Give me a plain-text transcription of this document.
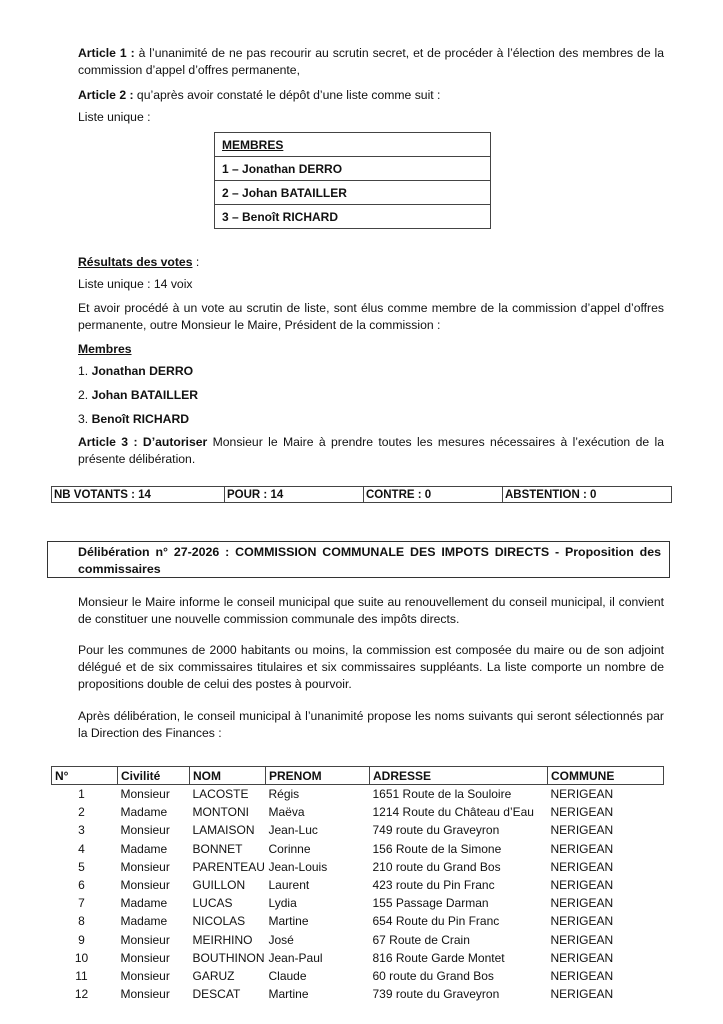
Article 1 : à l’unanimité de ne pas recourir au scrutin secret, et de procéder à l’élection des membres de la commission d’appel d’offres permanente,

Article 2 : qu’après avoir constaté le dépôt d’une liste comme suit :

Liste unique :

MEMBRES
1 – Jonathan DERRO
2 – Johan BATAILLER
3 – Benoît RICHARD

Résultats des votes :

Liste unique : 14 voix

Et avoir procédé à un vote au scrutin de liste, sont élus comme membre de la commission d’appel d’offres permanente, outre Monsieur le Maire, Président de la commission :

Membres

1. Jonathan DERRO

2. Johan BATAILLER

3. Benoît RICHARD

Article 3 : D’autoriser Monsieur le Maire à prendre toutes les mesures nécessaires à l’exécution de la présente délibération.

NB VOTANTS : 14	POUR : 14	CONTRE : 0	ABSTENTION : 0
Délibération n° 27-2026 : COMMISSION COMMUNALE DES IMPOTS DIRECTS - Proposition des
commissaires

Monsieur le Maire informe le conseil municipal que suite au renouvellement du conseil municipal, il convient de constituer une nouvelle commission communale des impôts directs.

Pour les communes de 2000 habitants ou moins, la commission est composée du maire ou de son adjoint délégué et de six commissaires titulaires et six commissaires suppléants. La liste comporte un nombre de propositions double de celui des postes à pourvoir.

Après délibération, le conseil municipal à l’unanimité propose les noms suivants qui seront sélectionnés par la Direction des Finances :

N°	Civilité	NOM	PRENOM	ADRESSE	COMMUNE
1	Monsieur	LACOSTE	Régis	1651 Route de la Souloire	NERIGEAN
2	Madame	MONTONI	Maëva	1214 Route du Château d’Eau	NERIGEAN
3	Monsieur	LAMAISON	Jean-Luc	749 route du Graveyron	NERIGEAN
4	Madame	BONNET	Corinne	156 Route de la Simone	NERIGEAN
5	Monsieur	PARENTEAU	Jean-Louis	210 route du Grand Bos	NERIGEAN
6	Monsieur	GUILLON	Laurent	423 route du Pin Franc	NERIGEAN
7	Madame	LUCAS	Lydia	155 Passage Darman	NERIGEAN
8	Madame	NICOLAS	Martine	654 Route du Pin Franc	NERIGEAN
9	Monsieur	MEIRHINO	José	67 Route de Crain	NERIGEAN
10	Monsieur	BOUTHINON	Jean-Paul	816 Route Garde Montet	NERIGEAN
11	Monsieur	GARUZ	Claude	60 route du Grand Bos	NERIGEAN
12	Monsieur	DESCAT	Martine	739 route du Graveyron	NERIGEAN
